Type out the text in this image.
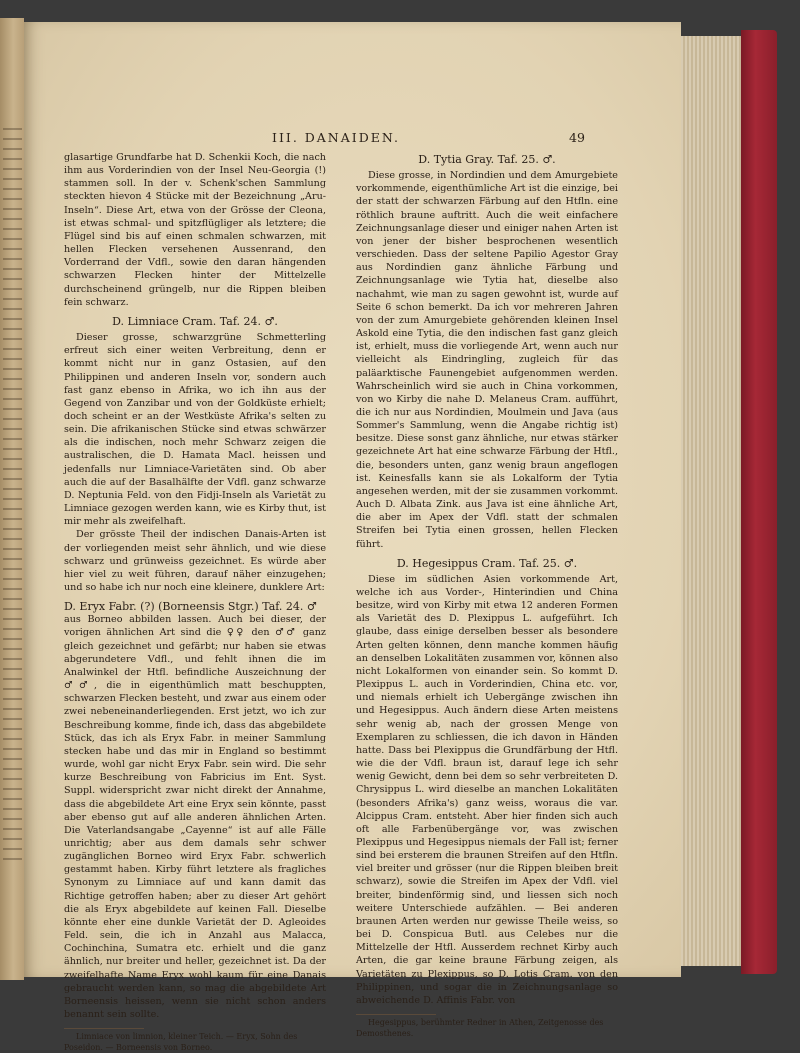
III. DANAIDEN.	49

glasartige Grundfarbe hat D. Schenkii Koch, die nach ihm aus Vorderindien von der Insel Neu-Georgia (!) stammen soll. In der v. Schenk'schen Sammlung steckten hievon 4 Stücke mit der Bezeichnung „Aru-Inseln“. Diese Art, etwa von der Grösse der Cleona, ist etwas schmal- und spitzflügliger als letztere; die Flügel sind bis auf einen schmalen schwarzen, mit hellen Flecken versehenen Aussenrand, den Vorderrand der Vdfl., sowie den daran hängenden schwarzen Flecken hinter der Mittelzelle durchscheinend grüngelb, nur die Rippen bleiben fein schwarz.

D. Limniace Cram. Taf. 24. ♂.

Dieser grosse, schwarzgrüne Schmetterling erfreut sich einer weiten Verbreitung, denn er kommt nicht nur in ganz Ostasien, auf den Philippinen und anderen Inseln vor, sondern auch fast ganz ebenso in Afrika, wo ich ihn aus der Gegend von Zanzibar und von der Goldküste erhielt; doch scheint er an der Westküste Afrika's selten zu sein. Die afrikanischen Stücke sind etwas schwärzer als die indischen, noch mehr Schwarz zeigen die australischen, die D. Hamata Macl. heissen und jedenfalls nur Limniace-Varietäten sind. Ob aber auch die auf der Basalhälfte der Vdfl. ganz schwarze D. Neptunia Feld. von den Fidji-Inseln als Varietät zu Limniace gezogen werden kann, wie es Kirby thut, ist mir mehr als zweifelhaft.

Der grösste Theil der indischen Danais-Arten ist der vorliegenden meist sehr ähnlich, und wie diese schwarz und grünweiss gezeichnet. Es würde aber hier viel zu weit führen, darauf näher einzugehen; und so habe ich nur noch eine kleinere, dunklere Art:

D. Eryx Fabr. (?) (Borneensis Stgr.) Taf. 24. ♂

aus Borneo abbilden lassen. Auch bei dieser, der vorigen ähnlichen Art sind die ♀♀ den ♂♂ ganz gleich gezeichnet und gefärbt; nur haben sie etwas abgerundetere Vdfl., und fehlt ihnen die im Analwinkel der Htfl. befindliche Auszeichnung der ♂♂, die in eigenthümlich matt beschuppten, schwarzen Flecken besteht, und zwar aus einem oder zwei nebeneinanderliegenden. Erst jetzt, wo ich zur Beschreibung komme, finde ich, dass das abgebildete Stück, das ich als Eryx Fabr. in meiner Sammlung stecken habe und das mir in England so bestimmt wurde, wohl gar nicht Eryx Fabr. sein wird. Die sehr kurze Beschreibung von Fabricius im Ent. Syst. Suppl. widerspricht zwar nicht direkt der Annahme, dass die abgebildete Art eine Eryx sein könnte, passt aber ebenso gut auf alle anderen ähnlichen Arten. Die Vaterlandsangabe „Cayenne“ ist auf alle Fälle unrichtig; aber aus dem damals sehr schwer zugänglichen Borneo wird Eryx Fabr. schwerlich gestammt haben. Kirby führt letztere als fragliches Synonym zu Limniace auf und kann damit das Richtige getroffen haben; aber zu dieser Art gehört die als Eryx abgebildete auf keinen Fall. Dieselbe könnte eher eine dunkle Varietät der D. Agleoides Feld. sein, die ich in Anzahl aus Malacca, Cochinchina, Sumatra etc. erhielt und die ganz ähnlich, nur breiter und heller, gezeichnet ist. Da der zweifelhafte Name Eryx wohl kaum für eine Danais gebraucht werden kann, so mag die abgebildete Art Borneensis heissen, wenn sie nicht schon anders benannt sein sollte.

Limniace von limnion, kleiner Teich. — Eryx, Sohn des Poseidon. — Borneensis von Borneo.

D. Tytia Gray. Taf. 25. ♂.

Diese grosse, in Nordindien und dem Amurgebiete vorkommende, eigenthümliche Art ist die einzige, bei der statt der schwarzen Färbung auf den Htfln. eine röthlich braune auftritt. Auch die weit einfachere Zeichnungsanlage dieser und einiger nahen Arten ist von jener der bisher besprochenen wesentlich verschieden. Dass der seltene Papilio Agestor Gray aus Nordindien ganz ähnliche Färbung und Zeichnungsanlage wie Tytia hat, dieselbe also nachahmt, wie man zu sagen gewohnt ist, wurde auf Seite 6 schon bemerkt. Da ich vor mehreren Jahren von der zum Amurgebiete gehörenden kleinen Insel Askold eine Tytia, die den indischen fast ganz gleich ist, erhielt, muss die vorliegende Art, wenn auch nur vielleicht als Eindringling, zugleich für das paläarktische Faunengebiet aufgenommen werden. Wahrscheinlich wird sie auch in China vorkommen, von wo Kirby die nahe D. Melaneus Cram. aufführt, die ich nur aus Nordindien, Moulmein und Java (aus Sommer's Sammlung, wenn die Angabe richtig ist) besitze. Diese sonst ganz ähnliche, nur etwas stärker gezeichnete Art hat eine schwarze Färbung der Htfl., die, besonders unten, ganz wenig braun angeflogen ist. Keinesfalls kann sie als Lokalform der Tytia angesehen werden, mit der sie zusammen vorkommt. Auch D. Albata Zink. aus Java ist eine ähnliche Art, die aber im Apex der Vdfl. statt der schmalen Streifen bei Tytia einen grossen, hellen Flecken führt.

D. Hegesippus Cram. Taf. 25. ♂.

Diese im südlichen Asien vorkommende Art, welche ich aus Vorder-, Hinterindien und China besitze, wird von Kirby mit etwa 12 anderen Formen als Varietät des D. Plexippus L. aufgeführt. Ich glaube, dass einige derselben besser als besondere Arten gelten können, denn manche kommen häufig an denselben Lokalitäten zusammen vor, können also nicht Lokalformen von einander sein. So kommt D. Plexippus L. auch in Vorderindien, China etc. vor, und niemals erhielt ich Uebergänge zwischen ihn und Hegesippus. Auch ändern diese Arten meistens sehr wenig ab, nach der grossen Menge von Exemplaren zu schliessen, die ich davon in Händen hatte. Dass bei Plexippus die Grundfärbung der Htfl. wie die der Vdfl. braun ist, darauf lege ich sehr wenig Gewicht, denn bei dem so sehr verbreiteten D. Chrysippus L. wird dieselbe an manchen Lokalitäten (besonders Afrika's) ganz weiss, woraus die var. Alcippus Cram. entsteht. Aber hier finden sich auch oft alle Farbenübergänge vor, was zwischen Plexippus und Hegesippus niemals der Fall ist; ferner sind bei ersterem die braunen Streifen auf den Htfln. viel breiter und grösser (nur die Rippen bleiben breit schwarz), sowie die Streifen im Apex der Vdfl. viel breiter, bindenförmig sind, und liessen sich noch weitere Unterschiede aufzählen. — Bei anderen braunen Arten werden nur gewisse Theile weiss, so bei D. Conspicua Butl. aus Celebes nur die Mittelzelle der Htfl. Ausserdem rechnet Kirby auch Arten, die gar keine braune Färbung zeigen, als Varietäten zu Plexippus, so D. Lotis Cram. von den Philippinen, und sogar die in Zeichnungsanlage so abweichende D. Affinis Fabr. von

Hegesippus, berühmter Redner in Athen, Zeitgenosse des Demosthenes.
